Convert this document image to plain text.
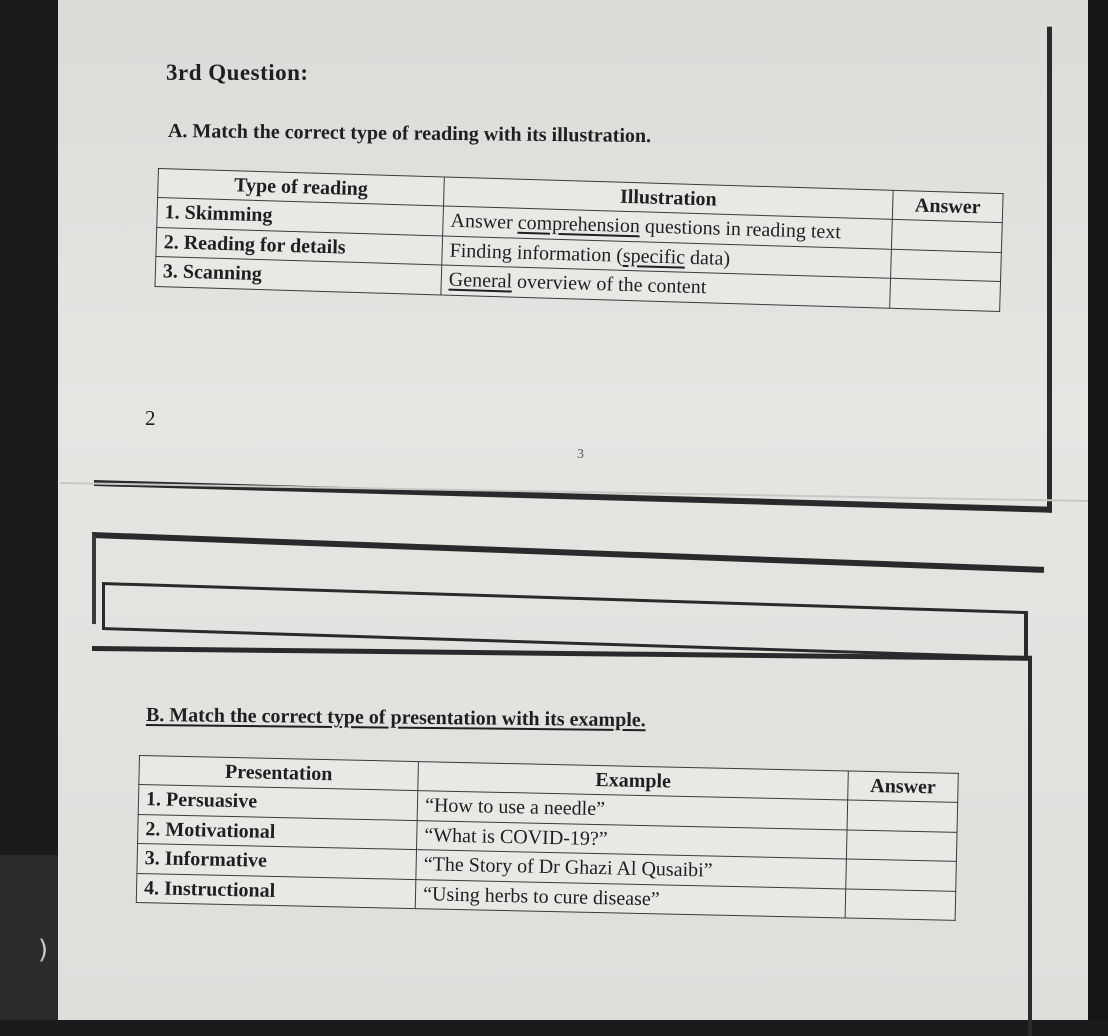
)
3rd Question:

A. Match the correct type of reading with its illustration.

Type of reading	Illustration	Answer
1. Skimming	Answer comprehension questions in reading text	
2. Reading for details	Finding information (specific data)	
3. Scanning	General overview of the content	

2

3

B. Match the correct type of presentation with its example.

Presentation	Example	Answer
1. Persuasive	“How to use a needle”	
2. Motivational	“What is COVID-19?”	
3. Informative	“The Story of Dr Ghazi Al Qusaibi”	
4. Instructional	“Using herbs to cure disease”	
